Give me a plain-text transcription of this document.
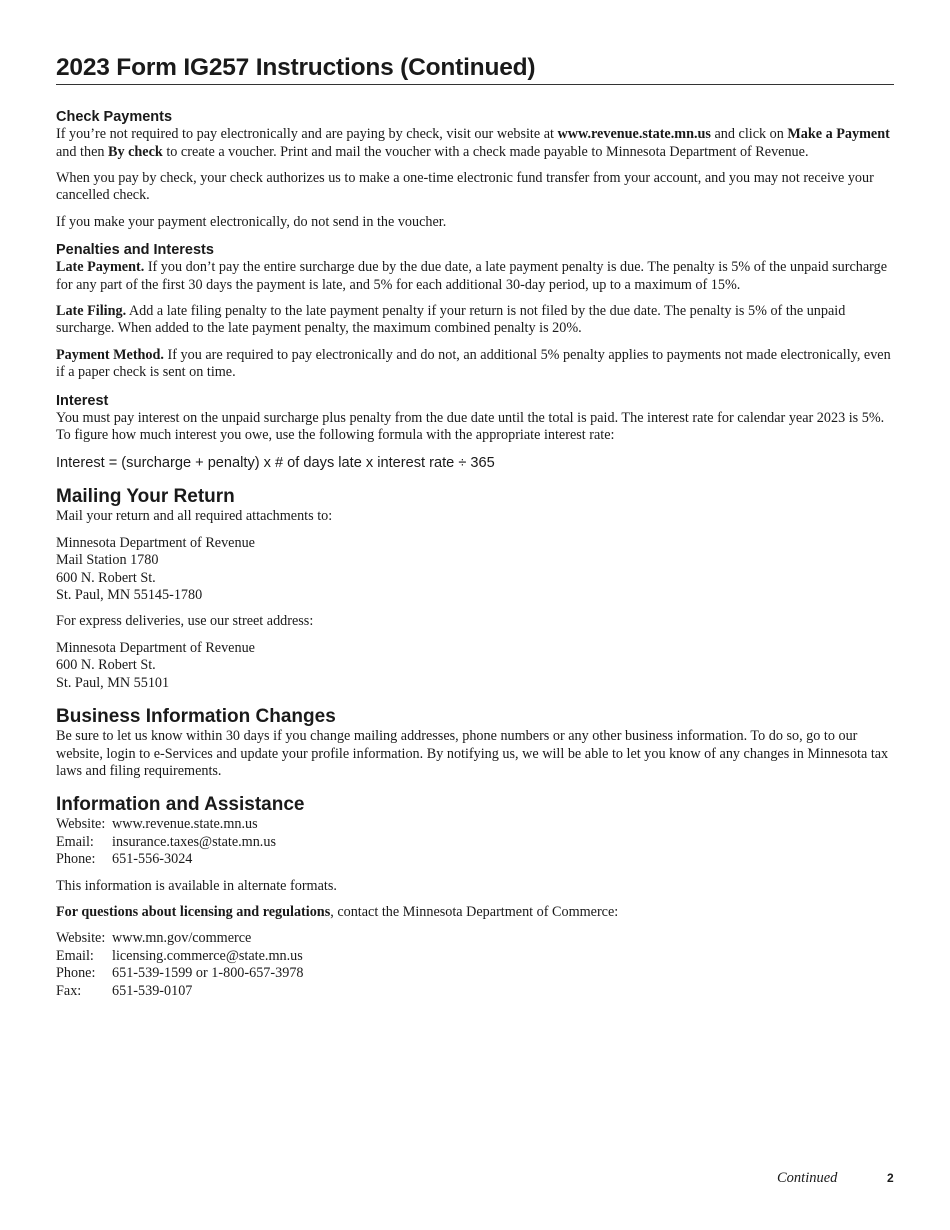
2023 Form IG257 Instructions (Continued)
Check Payments

If you’re not required to pay electronically and are paying by check, visit our website at www.revenue.state.mn.us and click on Make a Payment and then By check to create a voucher. Print and mail the voucher with a check made payable to Minnesota Department of Revenue.

When you pay by check, your check authorizes us to make a one-time electronic fund transfer from your account, and you may not receive your cancelled check.

If you make your payment electronically, do not send in the voucher.

Penalties and Interests

Late Payment. If you don’t pay the entire surcharge due by the due date, a late payment penalty is due. The penalty is 5% of the unpaid surcharge for any part of the first 30 days the payment is late, and 5% for each additional 30-day period, up to a maximum of 15%.

Late Filing. Add a late filing penalty to the late payment penalty if your return is not filed by the due date. The penalty is 5% of the unpaid surcharge. When added to the late payment penalty, the maximum combined penalty is 20%.

Payment Method. If you are required to pay electronically and do not, an additional 5% penalty applies to payments not made electronically, even if a paper check is sent on time.

Interest

You must pay interest on the unpaid surcharge plus penalty from the due date until the total is paid. The interest rate for calendar year 2023 is 5%. To figure how much interest you owe, use the following formula with the appropriate interest rate:

Interest = (surcharge + penalty) x # of days late x interest rate ÷ 365
Mailing Your Return

Mail your return and all required attachments to:

Minnesota Department of Revenue
Mail Station 1780
600 N. Robert St.
St. Paul, MN 55145-1780

For express deliveries, use our street address:

Minnesota Department of Revenue
600 N. Robert St.
St. Paul, MN 55101
Business Information Changes

Be sure to let us know within 30 days if you change mailing addresses, phone numbers or any other business information. To do so, go to our website, login to e-Services and update your profile information. By notifying us, we will be able to let you know of any changes in Minnesota tax laws and filing requirements.

Information and Assistance
Website: www.revenue.state.mn.us
Email:	insurance.taxes@state.mn.us
Phone:	651-556-3024

This information is available in alternate formats.

For questions about licensing and regulations, contact the Minnesota Department of Commerce:

Website: www.mn.gov/commerce
Email:	licensing.commerce@state.mn.us
Phone:	651-539-1599 or 1-800-657-3978
Fax:	651-539-0107
Continued	2
